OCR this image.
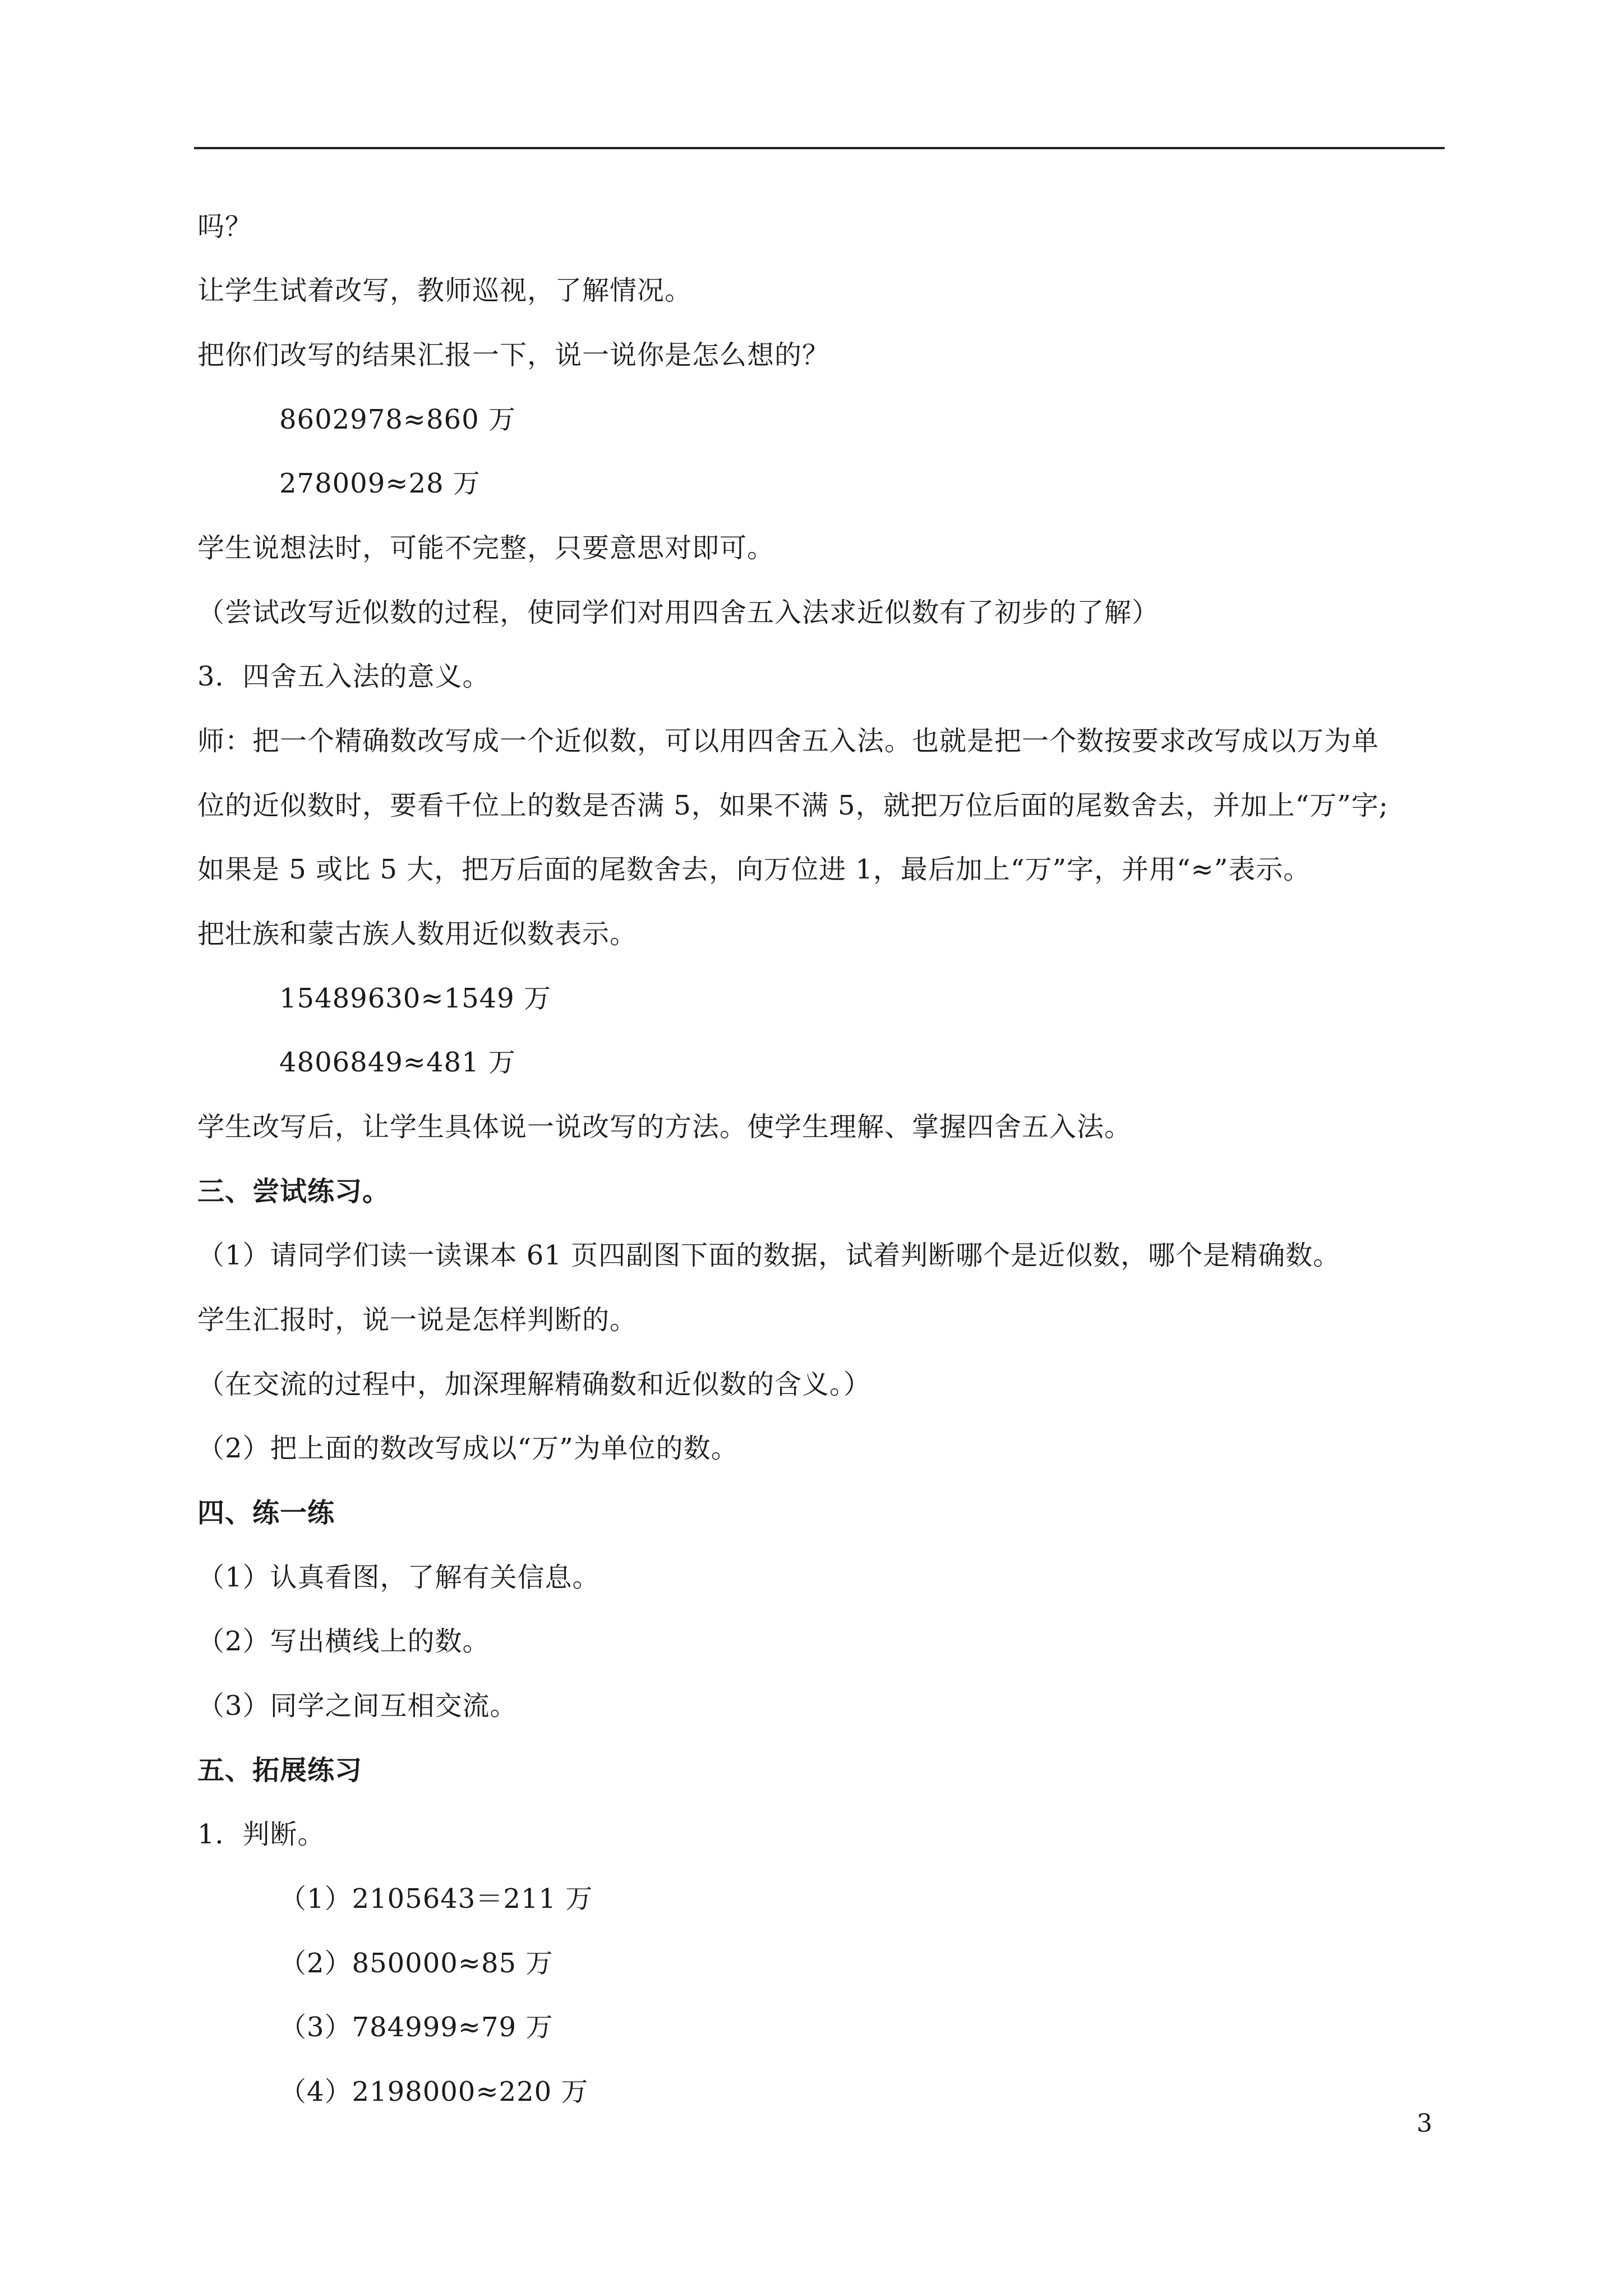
吗？
让学生试着改写，教师巡视，了解情况。
把你们改写的结果汇报一下，说一说你是怎么想的？
8602978≈860 万
278009≈28 万
学生说想法时，可能不完整，只要意思对即可。
（尝试改写近似数的过程，使同学们对用四舍五入法求近似数有了初步的了解）
3．四舍五入法的意义。
师：把一个精确数改写成一个近似数，可以用四舍五入法。也就是把一个数按要求改写成以万为单
位的近似数时，要看千位上的数是否满 5，如果不满 5，就把万位后面的尾数舍去，并加上“万”字;
如果是 5 或比 5 大，把万后面的尾数舍去，向万位进 1，最后加上“万”字，并用“≈”表示。
把壮族和蒙古族人数用近似数表示。
15489630≈1549 万
4806849≈481 万
学生改写后，让学生具体说一说改写的方法。使学生理解、掌握四舍五入法。
三、尝试练习。
（1）请同学们读一读课本 61 页四副图下面的数据，试着判断哪个是近似数，哪个是精确数。
学生汇报时，说一说是怎样判断的。
（在交流的过程中，加深理解精确数和近似数的含义。）
（2）把上面的数改写成以“万”为单位的数。
四、练一练
（1）认真看图，了解有关信息。
（2）写出横线上的数。
（3）同学之间互相交流。
五、拓展练习
1．判断。
（1）2105643＝211 万
（2）850000≈85 万
（3）784999≈79 万
（4）2198000≈220 万
3
